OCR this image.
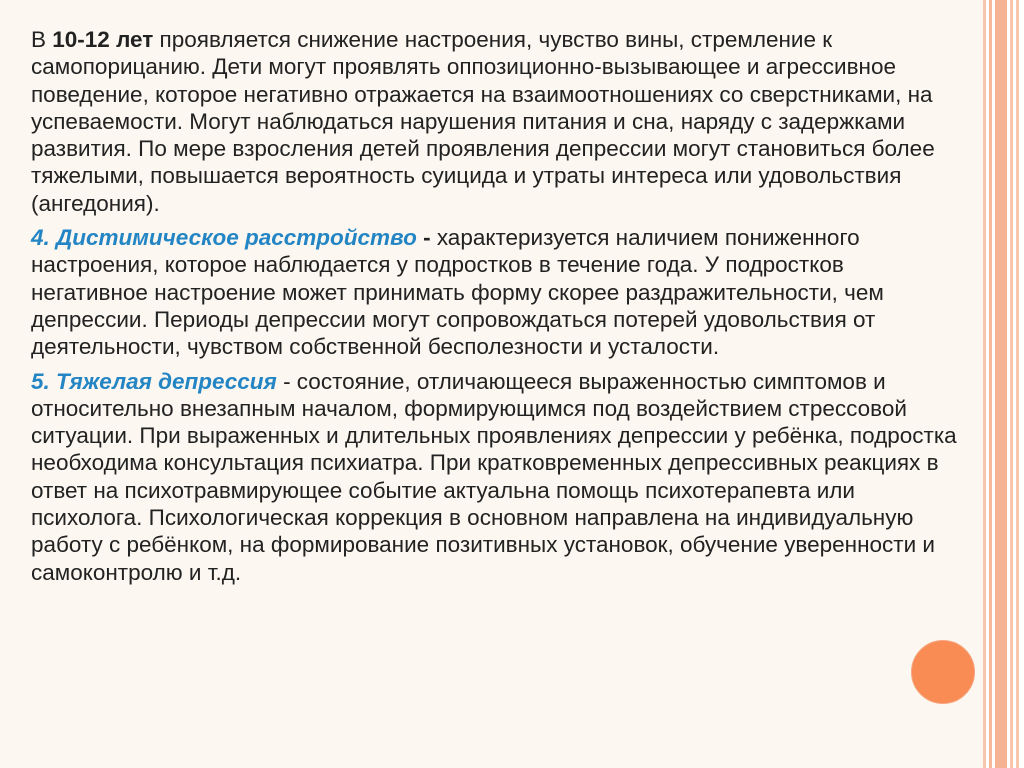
В 10-12 лет проявляется снижение настроения, чувство вины, стремление к самопорицанию. Дети могут проявлять оппозиционно-вызывающее и агрессивное поведение, которое негативно отражается на взаимоотношениях со сверстниками, на успеваемости. Могут наблюдаться нарушения питания и сна, наряду с задержками развития. По мере взросления детей проявления депрессии могут становиться более тяжелыми, повышается вероятность суицида и утраты интереса или удовольствия (ангедония).

4. Дистимическое расстройство - характеризуется наличием пониженного настроения, которое наблюдается у подростков в течение года. У подростков негативное настроение может принимать форму скорее раздражительности, чем депрессии. Периоды депрессии могут сопровождаться потерей удовольствия от деятельности, чувством собственной бесполезности и усталости.

5. Тяжелая депрессия - состояние, отличающееся выраженностью симптомов и относительно внезапным началом, формирующимся под воздействием стрессовой ситуации. При выраженных и длительных проявлениях депрессии у ребёнка, подростка необходима консультация психиатра. При кратковременных депрессивных реакциях в ответ на психотравмирующее событие актуальна помощь психотерапевта или психолога. Психологическая коррекция в основном направлена на индивидуальную работу с ребёнком, на формирование позитивных установок, обучение уверенности и самоконтролю и т.д.
